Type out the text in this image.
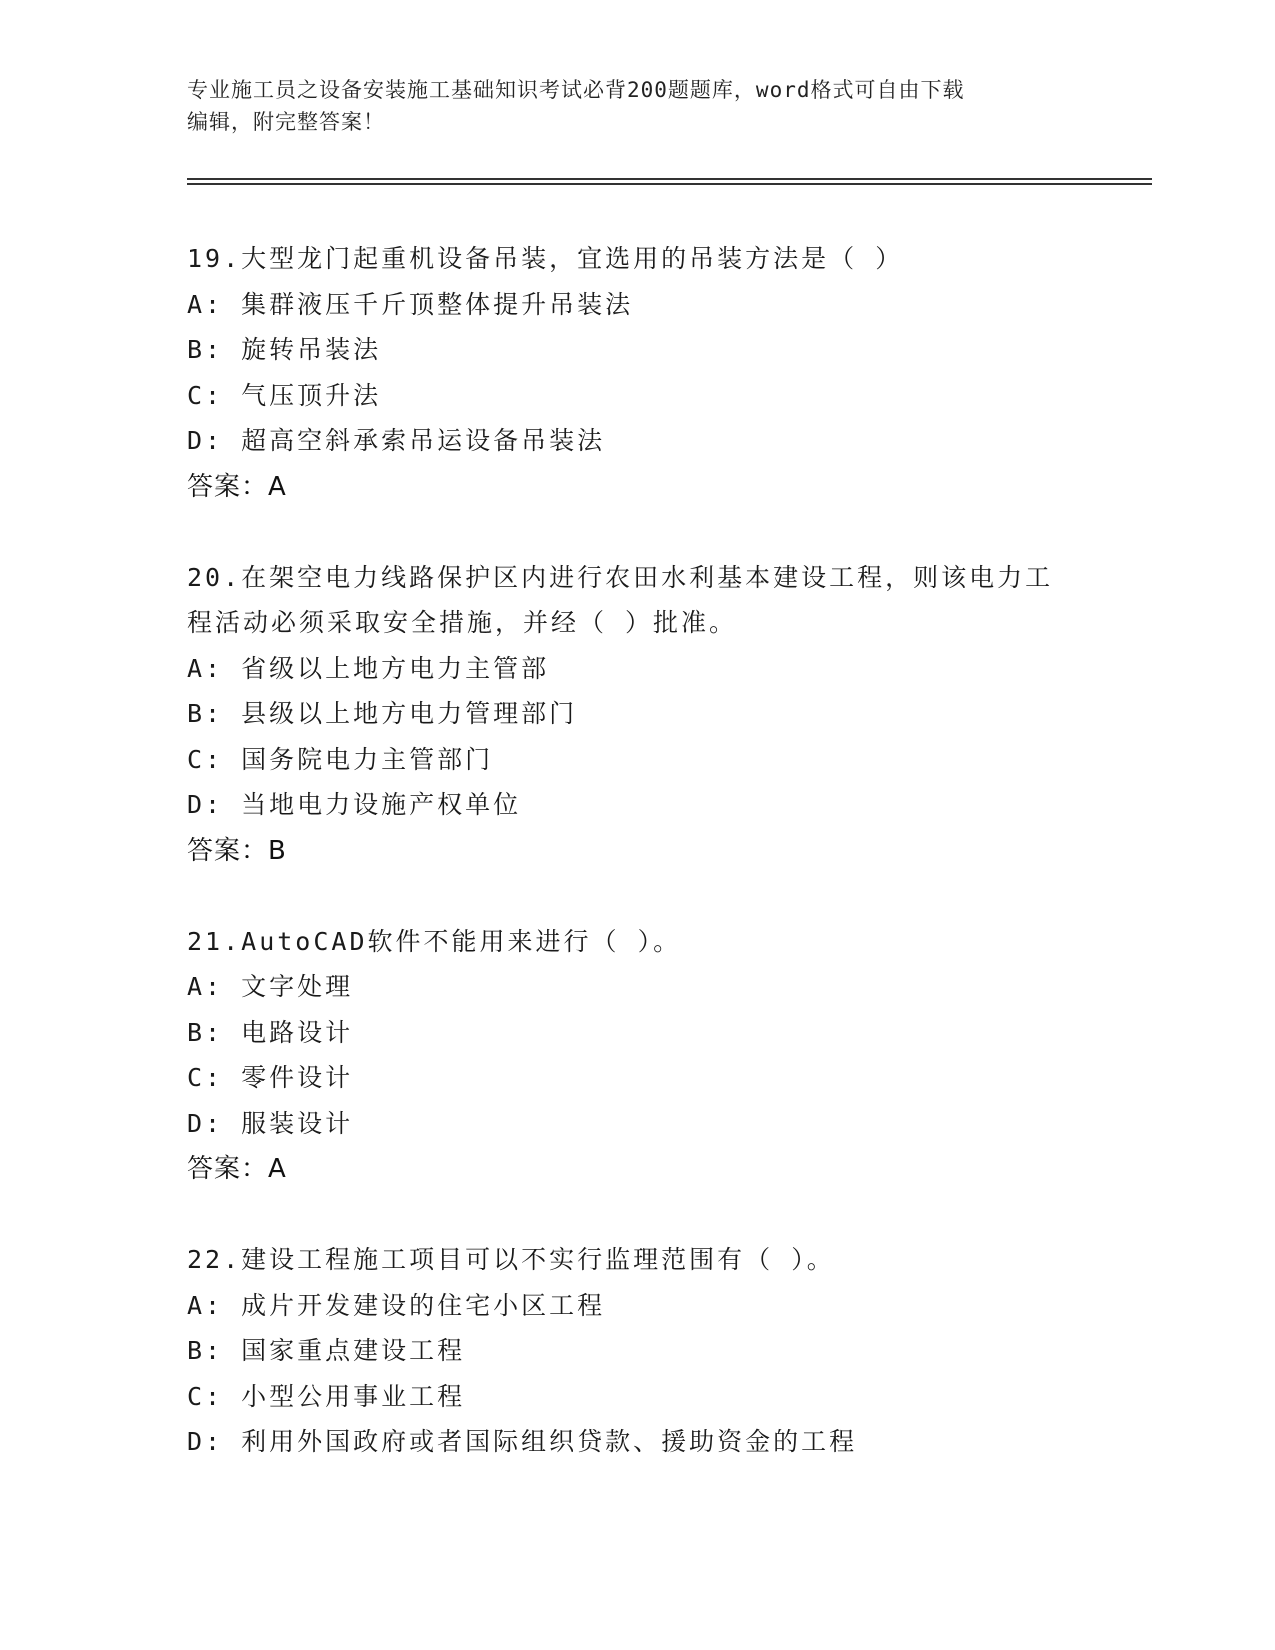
专业施工员之设备安装施工基础知识考试必背200题题库，word格式可自由下载
编辑，附完整答案！
19.大型龙门起重机设备吊装，宜选用的吊装方法是（ ）
A: 集群液压千斤顶整体提升吊装法
B: 旋转吊装法
C: 气压顶升法
D: 超高空斜承索吊运设备吊装法
答案：A
20.在架空电力线路保护区内进行农田水利基本建设工程，则该电力工
程活动必须采取安全措施，并经（ ）批准。
A: 省级以上地方电力主管部
B: 县级以上地方电力管理部门
C: 国务院电力主管部门
D: 当地电力设施产权单位
答案：B
21.AutoCAD软件不能用来进行（ ）。
A: 文字处理
B: 电路设计
C: 零件设计
D: 服装设计
答案：A
22.建设工程施工项目可以不实行监理范围有（ ）。
A: 成片开发建设的住宅小区工程
B: 国家重点建设工程
C: 小型公用事业工程
D: 利用外国政府或者国际组织贷款、援助资金的工程
